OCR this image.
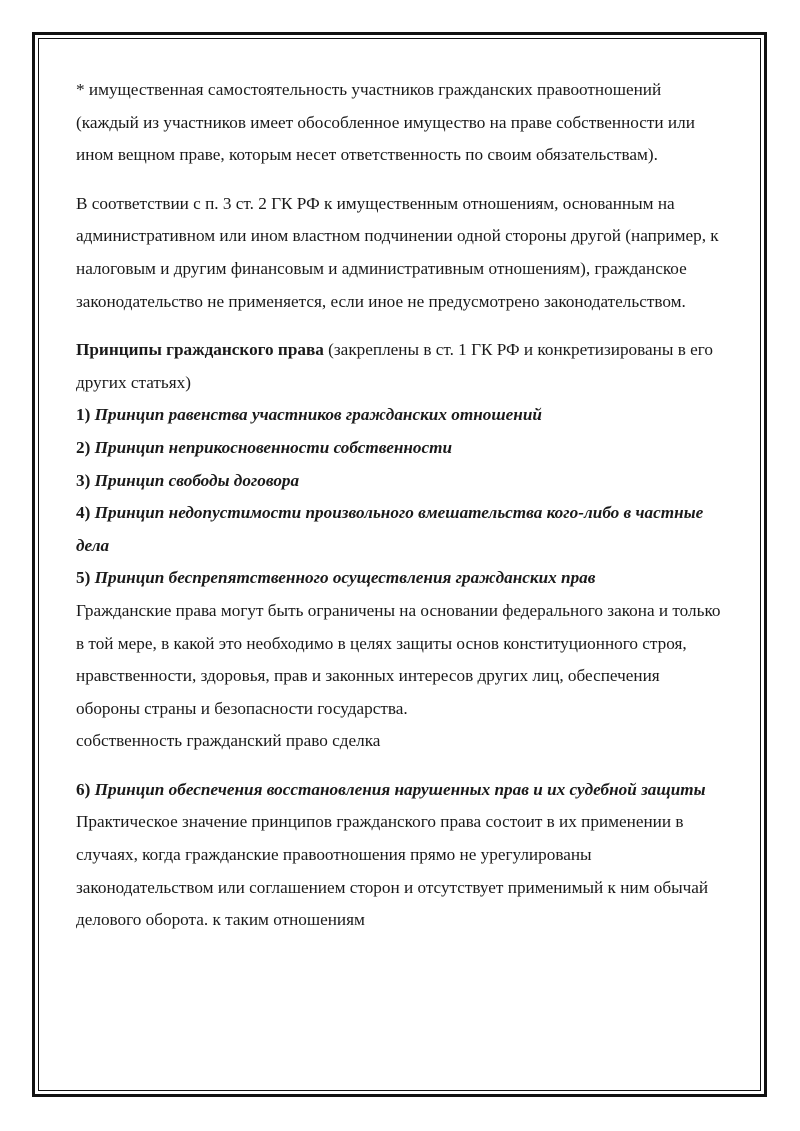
* имущественная самостоятельность участников гражданских правоотношений (каждый из участников имеет обособленное имущество на праве собственности или ином вещном праве, которым несет ответственность по своим обязательствам).

В соответствии с п. 3 ст. 2 ГК РФ к имущественным отношениям, основанным на административном или ином властном подчинении одной стороны другой (например, к налоговым и другим финансовым и административным отношениям), гражданское законодательство не применяется, если иное не предусмотрено законодательством.

Принципы гражданского права (закреплены в ст. 1 ГК РФ и конкретизированы в его других статьях)

1) Принцип равенства участников гражданских отношений

2) Принцип неприкосновенности собственности

3) Принцип свободы договора

4) Принцип недопустимости произвольного вмешательства кого-либо в частные дела

5) Принцип беспрепятственного осуществления гражданских прав

Гражданские права могут быть ограничены на основании федерального закона и только в той мере, в какой это необходимо в целях защиты основ конституционного строя, нравственности, здоровья, прав и законных интересов других лиц, обеспечения обороны страны и безопасности государства.

собственность гражданский право сделка

6) Принцип обеспечения восстановления нарушенных прав и их судебной защиты

Практическое значение принципов гражданского права состоит в их применении в случаях, когда гражданские правоотношения прямо не урегулированы законодательством или соглашением сторон и отсутствует применимый к ним обычай делового оборота. к таким отношениям
